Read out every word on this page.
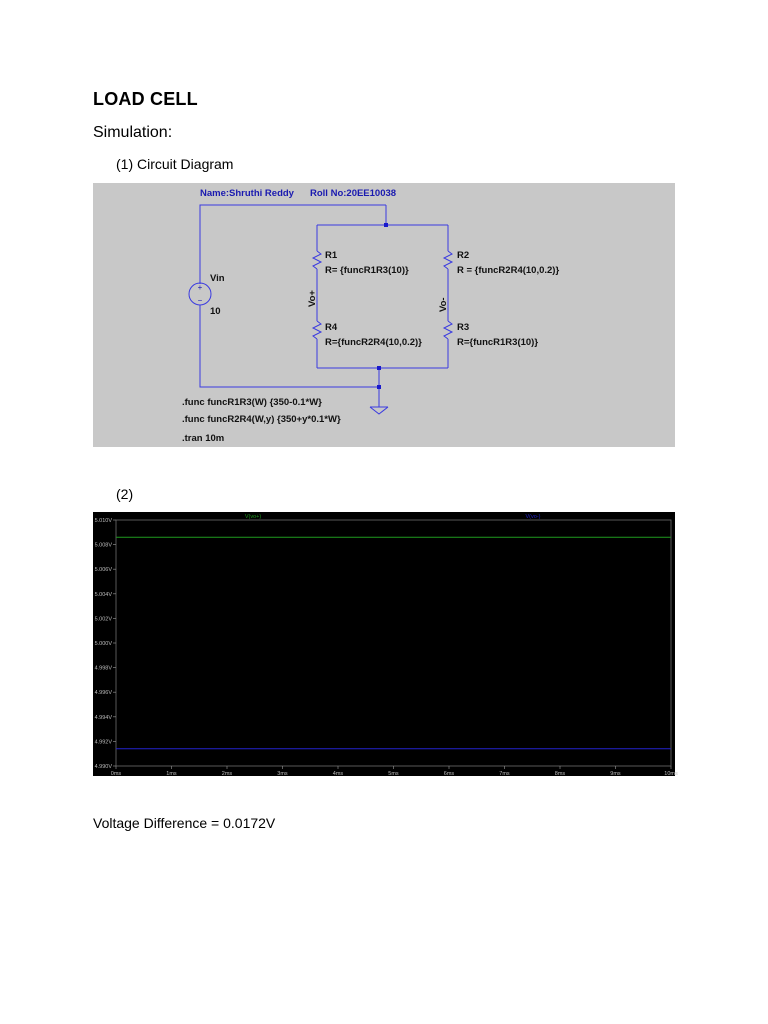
LOAD CELL
Simulation:
(1) Circuit Diagram
+
−
Name:Shruthi Reddy Roll No:20EE10038
Vin
10
R1
R= {funcR1R3(10)}
R2
R = {funcR2R4(10,0.2)}
R4
R={funcR2R4(10,0.2)}
R3
R={funcR1R3(10)}
Vo+	Vo-
.func funcR1R3(W) {350-0.1*W}
.func funcR2R4(W,y) {350+y*0.1*W}
.tran 10m
(2)
5.010V
5.008V
5.006V
5.004V
5.002V
5.000V
4.998V
4.996V
4.994V
4.992V
4.990V
0ms	1ms	2ms	3ms	4ms	5ms	6ms	7ms	8ms	9ms	10ms
V(vo+)	V(vo-)
Voltage Difference = 0.0172V
